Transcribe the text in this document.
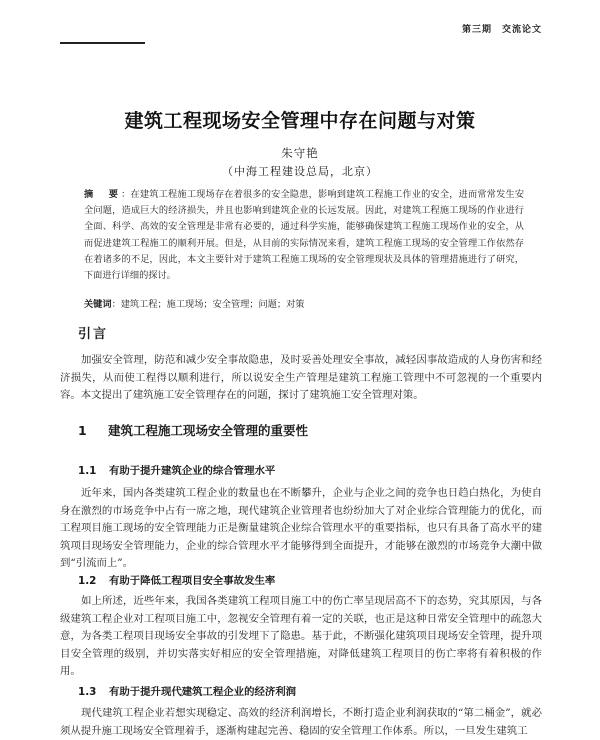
第三期 交流论文
建筑工程现场安全管理中存在问题与对策
朱守艳
（中海工程建设总局，北京）
摘　要：在建筑工程施工现场存在着很多的安全隐患，影响到建筑工程施工作业的安全，进而常常发生安全问题，造成巨大的经济损失，并且也影响到建筑企业的长远发展。因此，对建筑工程施工现场的作业进行全面、科学、高效的安全管理是非常有必要的，通过科学实施，能够确保建筑工程施工现场作业的安全，从而促进建筑工程施工的顺利开展。但是，从目前的实际情况来看，建筑工程施工现场的安全管理工作依然存在着诸多的不足，因此，本文主要针对于建筑工程施工现场的安全管理现状及具体的管理措施进行了研究，下面进行详细的探讨。
关键词：建筑工程；施工现场；安全管理；问题；对策
引言
加强安全管理，防范和减少安全事故隐患，及时妥善处理安全事故，减轻因事故造成的人身伤害和经济损失，从而使工程得以顺利进行，所以说安全生产管理是建筑工程施工管理中不可忽视的一个重要内容。本文提出了建筑施工安全管理存在的问题，探讨了建筑施工安全管理对策。
1 建筑工程施工现场安全管理的重要性
1.1 有助于提升建筑企业的综合管理水平
近年来，国内各类建筑工程企业的数量也在不断攀升，企业与企业之间的竞争也日趋白热化，为使自身在激烈的市场竞争中占有一席之地，现代建筑企业管理者也纷纷加大了对企业综合管理能力的优化，而工程项目施工现场的安全管理能力正是衡量建筑企业综合管理水平的重要指标，也只有具备了高水平的建筑项目现场安全管理能力，企业的综合管理水平才能够得到全面提升，才能够在激烈的市场竞争大潮中做到“引流而上”。
1.2 有助于降低工程项目安全事故发生率
如上所述，近些年来，我国各类建筑工程项目施工中的伤亡率呈现居高不下的态势，究其原因，与各级建筑工程企业对工程项目施工中，忽视安全管理有着一定的关联，也正是这种日常安全管理中的疏忽大意，为各类工程项目现场安全事故的引发埋下了隐患。基于此，不断强化建筑项目现场安全管理，提升项目安全管理的级别，并切实落实好相应的安全管理措施，对降低建筑工程项目的伤亡率将有着积极的作用。
1.3 有助于提升现代建筑工程企业的经济利润
现代建筑工程企业若想实现稳定、高效的经济利润增长，不断打造企业利润获取的“第二桶金”，就必须从提升施工现场安全管理着手，逐渐构建起完善、稳固的安全管理工作体系。所以，一旦发生建筑工
